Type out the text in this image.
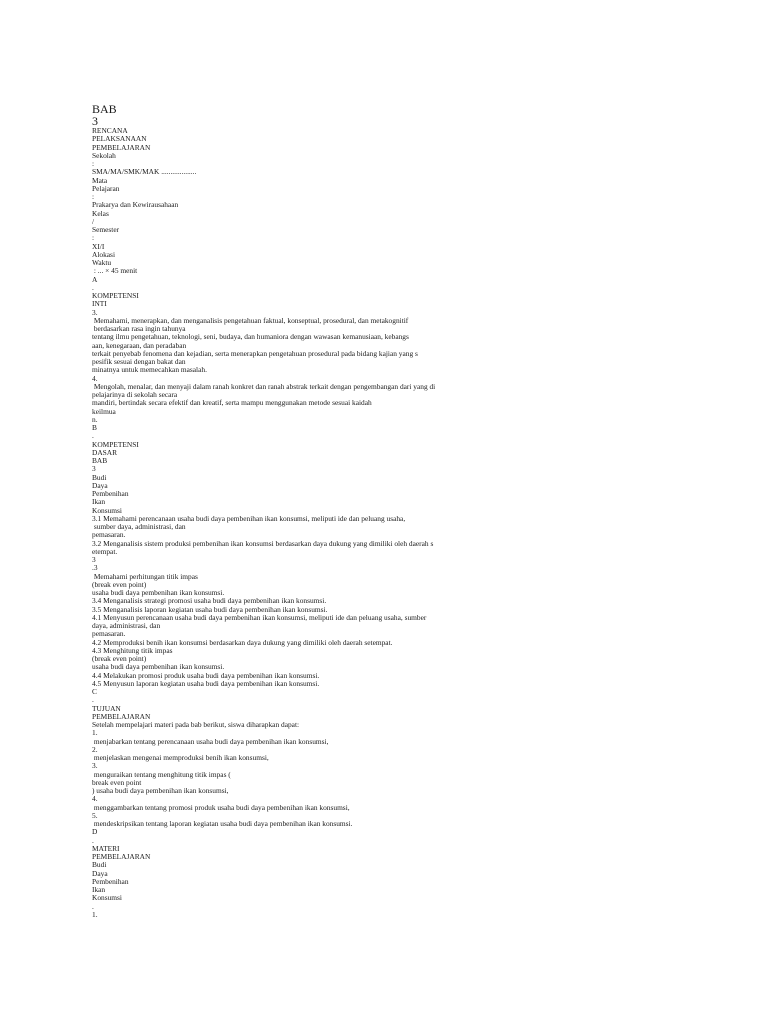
BAB
3
RENCANA
PELAKSANAAN
PEMBELAJARAN
Sekolah
:
SMA/MA/SMK/MAK ...................
Mata
Pelajaran
:
Prakarya dan Kewirausahaan
Kelas
/
Semester
:
XI/I
Alokasi
Waktu
: ... × 45 menit
A
.
KOMPETENSI
INTI
3.
Memahami, menerapkan, dan menganalisis pengetahuan faktual, konseptual, prosedural, dan metakognitif
berdasarkan rasa ingin tahunya
tentang ilmu pengetahuan, teknologi, seni, budaya, dan humaniora dengan wawasan kemanusiaan, kebangs
aan, kenegaraan, dan peradaban
terkait penyebab fenomena dan kejadian, serta menerapkan pengetahuan prosedural pada bidang kajian yang s
pesifik sesuai dengan bakat dan
minatnya untuk memecahkan masalah.
4.
Mengolah, menalar, dan menyaji dalam ranah konkret dan ranah abstrak terkait dengan pengembangan dari yang di
pelajarinya di sekolah secara
mandiri, bertindak secara efektif dan kreatif, serta mampu menggunakan metode sesuai kaidah
keilmua
n.
B
.
KOMPETENSI
DASAR
BAB
3
Budi
Daya
Pembenihan
Ikan
Konsumsi
3.1 Memahami perencanaan usaha budi daya pembenihan ikan konsumsi, meliputi ide dan peluang usaha,
sumber daya, administrasi, dan
pemasaran.
3.2 Menganalisis sistem produksi pembenihan ikan konsumsi berdasarkan daya dukung yang dimiliki oleh daerah s
etempat.
3
.3
Memahami perhitungan titik impas
(break even point)
usaha budi daya pembenihan ikan konsumsi.
3.4 Menganalisis strategi promosi usaha budi daya pembenihan ikan konsumsi.
3.5 Menganalisis laporan kegiatan usaha budi daya pembenihan ikan konsumsi.
4.1 Menyusun perencanaan usaha budi daya pembenihan ikan konsumsi, meliputi ide dan peluang usaha, sumber
daya, administrasi, dan
pemasaran.
4.2 Memproduksi benih ikan konsumsi berdasarkan daya dukung yang dimiliki oleh daerah setempat.
4.3 Menghitung titik impas
(break even point)
usaha budi daya pembenihan ikan konsumsi.
4.4 Melakukan promosi produk usaha budi daya pembenihan ikan konsumsi.
4.5 Menyusun laporan kegiatan usaha budi daya pembenihan ikan konsumsi.
C
.
TUJUAN
PEMBELAJARAN
Setelah mempelajari materi pada bab berikut, siswa diharapkan dapat:
1.
menjabarkan tentang perencanaan usaha budi daya pembenihan ikan konsumsi,
2.
menjelaskan mengenai memproduksi benih ikan konsumsi,
3.
menguraikan tentang menghitung titik impas (
break even point
) usaha budi daya pembenihan ikan konsumsi,
4.
menggambarkan tentang promosi produk usaha budi daya pembenihan ikan konsumsi,
5.
mendeskripsikan tentang laporan kegiatan usaha budi daya pembenihan ikan konsumsi.
D
.
MATERI
PEMBELAJARAN
Budi
Daya
Pembenihan
Ikan
Konsumsi
.
1.
